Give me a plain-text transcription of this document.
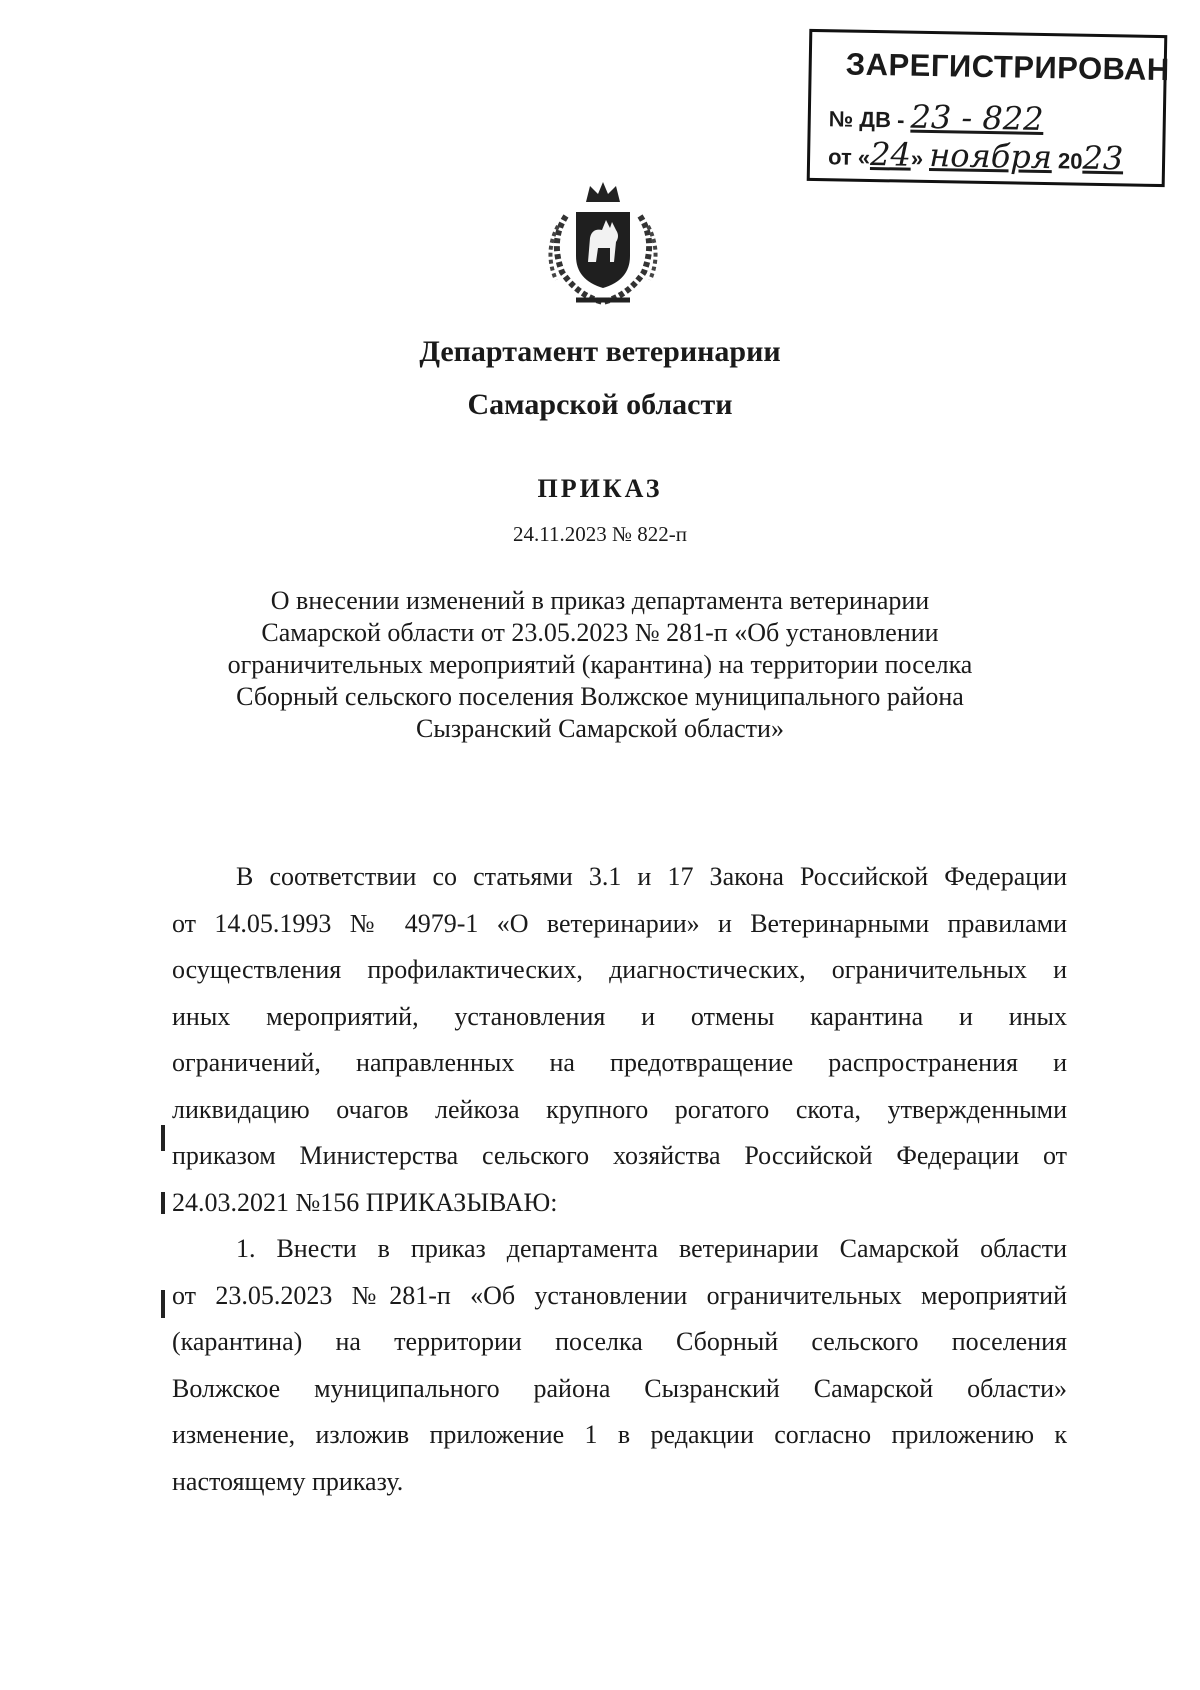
ЗАРЕГИСТРИРОВАН
№ ДВ - 23 - 822
от «24» ноября 2023
Департамент ветеринарии
Самарской области
ПРИКАЗ
24.11.2023 № 822-п
О внесении изменений в приказ департамента ветеринарии
Самарской области от 23.05.2023 № 281-п «Об установлении
ограничительных мероприятий (карантина) на территории поселка
Сборный сельского поселения Волжское муниципального района
Сызранский Самарской области»
В соответствии со статьями 3.1 и 17 Закона Российской Федерации
от 14.05.1993 № 4979-1 «О ветеринарии» и Ветеринарными правилами
осуществления профилактических, диагностических, ограничительных и
иных мероприятий, установления и отмены карантина и иных
ограничений, направленных на предотвращение распространения и
ликвидацию очагов лейкоза крупного рогатого скота, утвержденными
приказом Министерства сельского хозяйства Российской Федерации от
24.03.2021 №156 ПРИКАЗЫВАЮ:
1. Внести в приказ департамента ветеринарии Самарской области
от 23.05.2023 №281-п «Об установлении ограничительных мероприятий
(карантина) на территории поселка Сборный сельского поселения
Волжское муниципального района Сызранский Самарской области»
изменение, изложив приложение 1 в редакции согласно приложению к
настоящему приказу.
